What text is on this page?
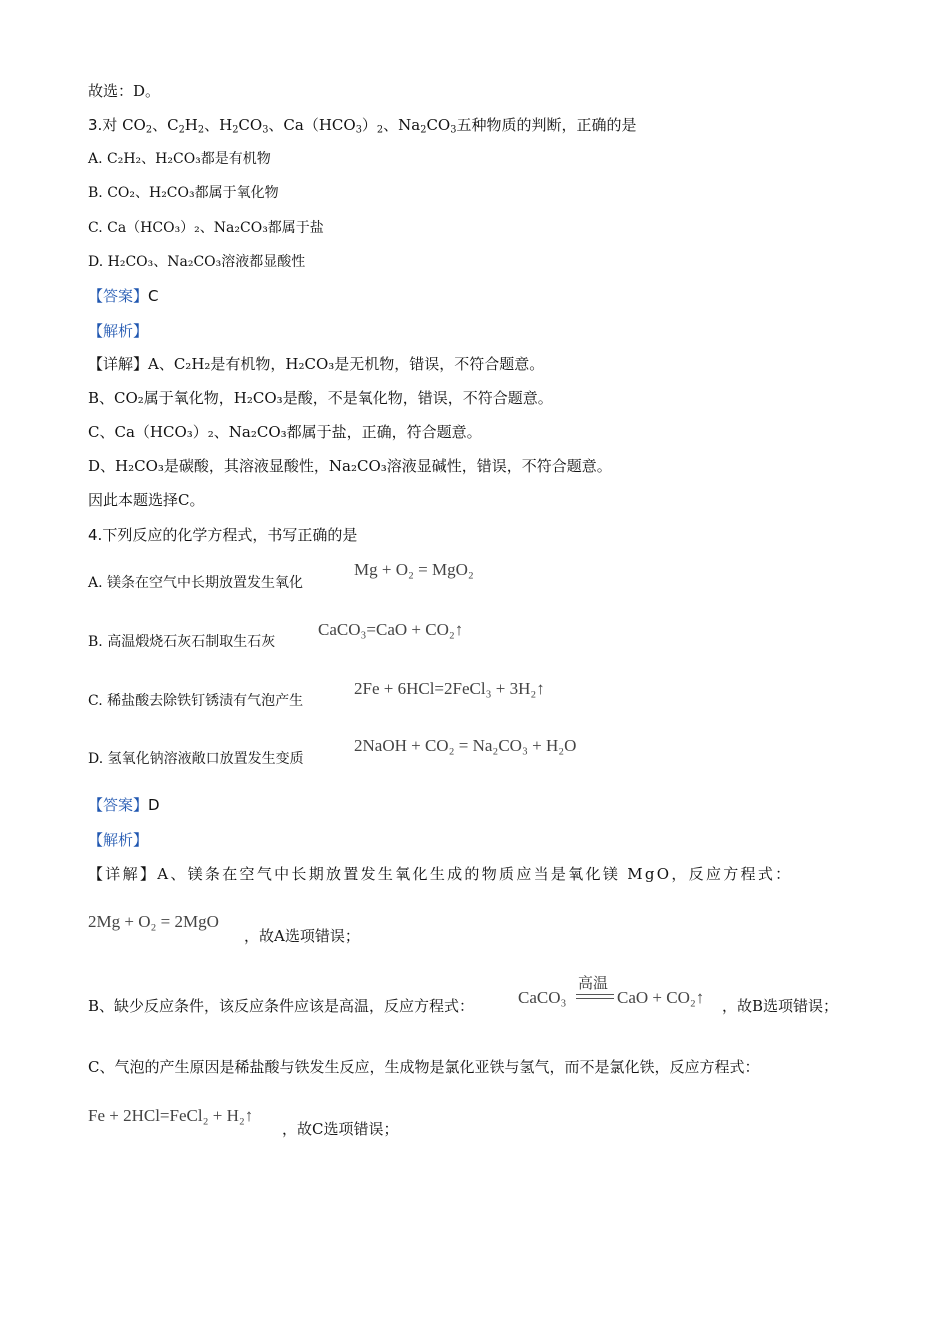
故选：D。
3.对 $CO_2$、$C_2H_2$、$H_2CO_3$、$Ca(HCO_3)_2$、$Na_2CO_3$五种物质的判断，正确的是
A. C₂H₂、H₂CO₃都是有机物
B. CO₂、H₂CO₃都属于氧化物
C. Ca（HCO₃）₂、Na₂CO₃都属于盐
D. H₂CO₃、Na₂CO₃溶液都显酸性
【答案】C
【解析】
【详解】A、C₂H₂是有机物，H₂CO₃是无机物，错误，不符合题意。
B、CO₂属于氧化物，H₂CO₃是酸，不是氧化物，错误，不符合题意。
C、Ca（HCO₃）₂、Na₂CO₃都属于盐，正确，符合题意。
D、H₂CO₃是碳酸，其溶液显酸性，Na₂CO₃溶液显碱性，错误，不符合题意。
因此本题选择C。
4.下列反应的化学方程式，书写正确的是
A. 镁条在空气中长期放置发生氧化
Mg + O₂ = MgO₂
B. 高温煅烧石灰石制取生石灰
CaCO₃=CaO + CO₂↑
C. 稀盐酸去除铁钉锈渍有气泡产生
2Fe + 6HCl=2FeCl₃ + 3H₂↑
D. 氢氧化钠溶液敞口放置发生变质
2NaOH + CO₂ = Na₂CO₃ + H₂O
【答案】D
【解析】
【详解】A、镁条在空气中长期放置发生氧化生成的物质应当是氧化镁 MgO，反应方程式：
2Mg + O₂ = 2MgO
，故A选项错误；
B、缺少反应条件，该反应条件应该是高温，反应方程式：	CaCO₃
高温
CaO + CO₂↑ ，故B选项错误；
C、气泡的产生原因是稀盐酸与铁发生反应，生成物是氯化亚铁与氢气，而不是氯化铁，反应方程式：
Fe + 2HCl=FeCl₂ + H₂↑
，故C选项错误；
